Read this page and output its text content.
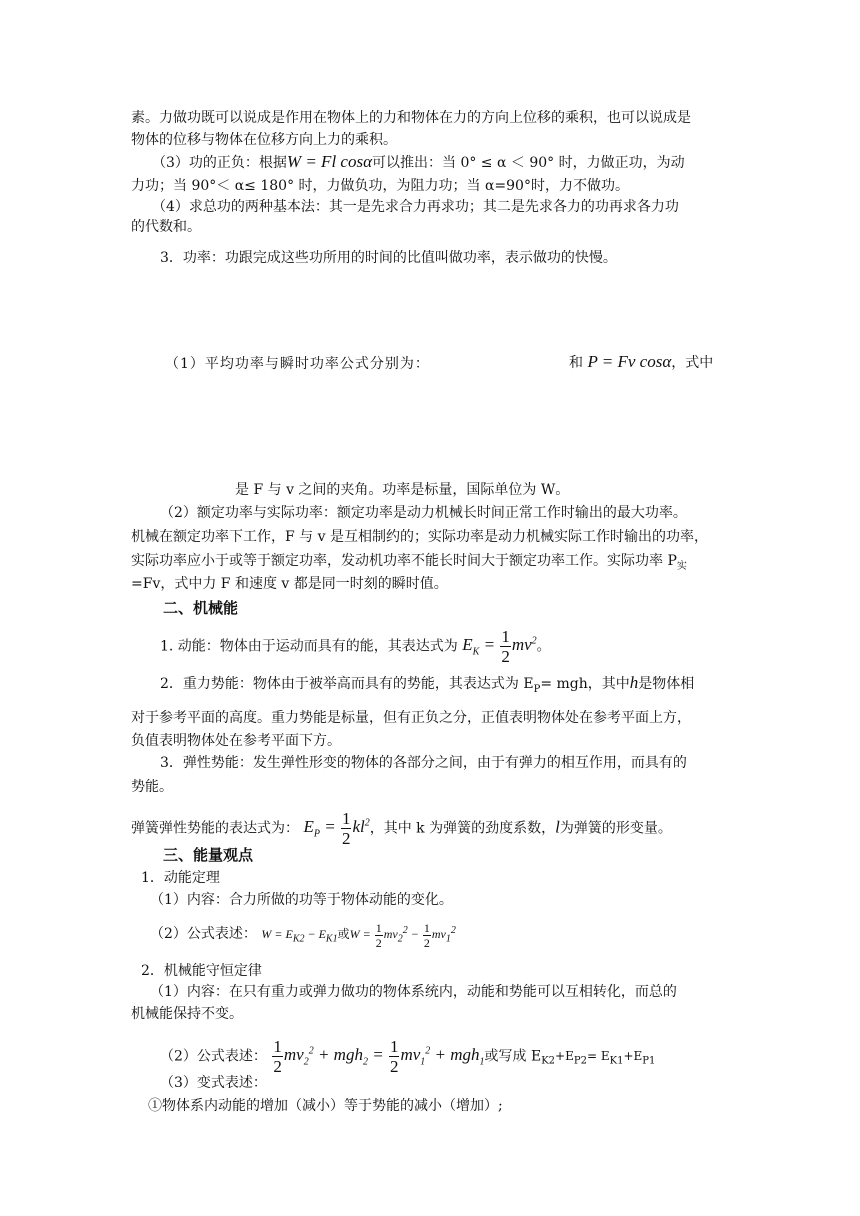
素。力做功既可以说成是作用在物体上的力和物体在力的方向上位移的乘积，也可以说成是
物体的位移与物体在位移方向上力的乘积。
（3）功的正负：根据W = Fl cosα可以推出：当 0° ≤ α ＜ 90° 时，力做正功，为动
力功；当 90°＜ α≤ 180° 时，力做负功，为阻力功；当 α=90°时，力不做功。
（4）求总功的两种基本法：其一是先求合力再求功；其二是先求各力的功再求各力功
的代数和。
3．功率：功跟完成这些功所用的时间的比值叫做功率，表示做功的快慢。
（1）平均功率与瞬时功率公式分别为：	和 P = Fv cosα，式中
是 F 与 v 之间的夹角。功率是标量，国际单位为 W。
（2）额定功率与实际功率：额定功率是动力机械长时间正常工作时输出的最大功率。
机械在额定功率下工作，F 与 v 是互相制约的；实际功率是动力机械实际工作时输出的功率，
实际功率应小于或等于额定功率，发动机功率不能长时间大于额定功率工作。实际功率 $P_实$
=Fv，式中力 F 和速度 v 都是同一时刻的瞬时值。
二、机械能
1. 动能：物体由于运动而具有的能，其表达式为 $E_K = \frac{1}{2} mv^2$。
2．重力势能：物体由于被举高而具有的势能，其表达式为 $E_P=$ mgh，其中h是物体相
对于参考平面的高度。重力势能是标量，但有正负之分，正值表明物体处在参考平面上方，
负值表明物体处在参考平面下方。
3．弹性势能：发生弹性形变的物体的各部分之间，由于有弹力的相互作用，而具有的
势能。
弹簧弹性势能的表达式为： $E_P = \frac{1}{2} kl^2$，其中 k 为弹簧的劲度系数，l为弹簧的形变量。
三、能量观点
1．动能定理
（1）内容：合力所做的功等于物体动能的变化。
（2）公式表述： $W = E_{K2} - E_{K1}$或$W = \frac{1}{2} mv_2^2 - \frac{1}{2} mv_1^2$
2．机械能守恒定律
（1）内容：在只有重力或弹力做功的物体系统内，动能和势能可以互相转化，而总的
机械能保持不变。
（2）公式表述： $\frac{1}{2} mv_2^2 + mgh_2 = \frac{1}{2} mv_1^2 + mgh_1$或写成 $E_{K2}+E_{P2}= E_{K1}+E_{P1}$
（3）变式表述：
①物体系内动能的增加（减小）等于势能的减小（增加）;
